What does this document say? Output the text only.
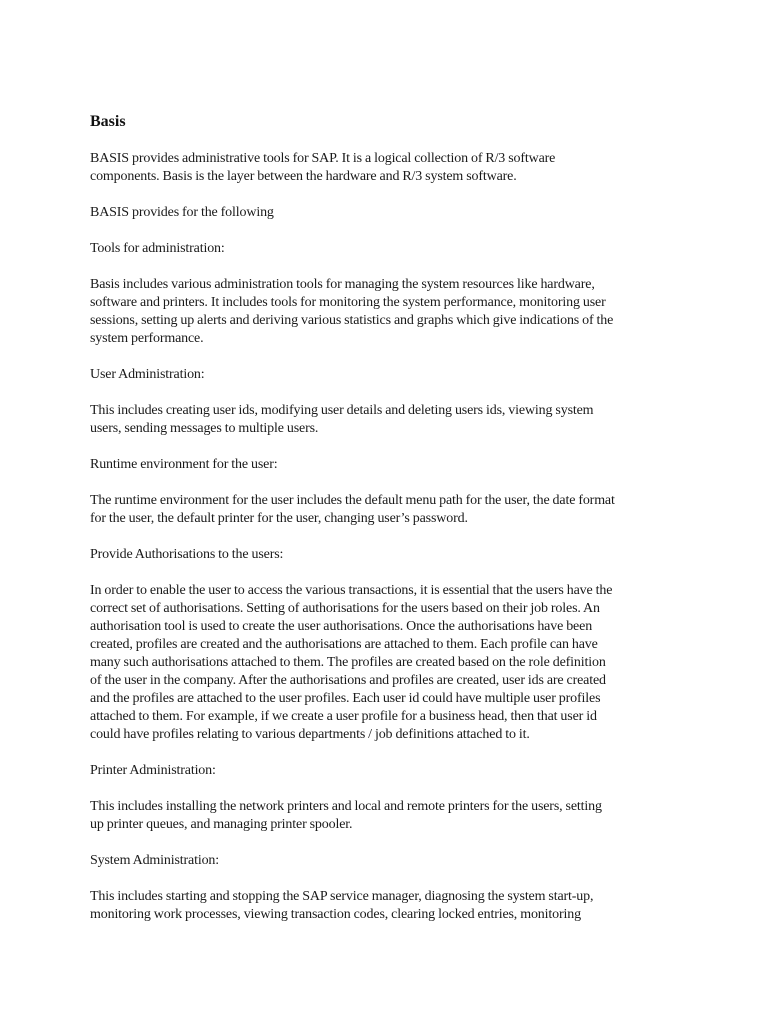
Basis

BASIS provides administrative tools for SAP. It is a logical collection of R/3 software
components. Basis is the layer between the hardware and R/3 system software.

BASIS provides for the following

Tools for administration:

Basis includes various administration tools for managing the system resources like hardware,
software and printers. It includes tools for monitoring the system performance, monitoring user
sessions, setting up alerts and deriving various statistics and graphs which give indications of the
system performance.

User Administration:

This includes creating user ids, modifying user details and deleting users ids, viewing system
users, sending messages to multiple users.

Runtime environment for the user:

The runtime environment for the user includes the default menu path for the user, the date format
for the user, the default printer for the user, changing user’s password.

Provide Authorisations to the users:

In order to enable the user to access the various transactions, it is essential that the users have the
correct set of authorisations. Setting of authorisations for the users based on their job roles. An
authorisation tool is used to create the user authorisations. Once the authorisations have been
created, profiles are created and the authorisations are attached to them. Each profile can have
many such authorisations attached to them. The profiles are created based on the role definition
of the user in the company. After the authorisations and profiles are created, user ids are created
and the profiles are attached to the user profiles. Each user id could have multiple user profiles
attached to them. For example, if we create a user profile for a business head, then that user id
could have profiles relating to various departments / job definitions attached to it.

Printer Administration:

This includes installing the network printers and local and remote printers for the users, setting
up printer queues, and managing printer spooler.

System Administration:

This includes starting and stopping the SAP service manager, diagnosing the system start-up,
monitoring work processes, viewing transaction codes, clearing locked entries, monitoring
